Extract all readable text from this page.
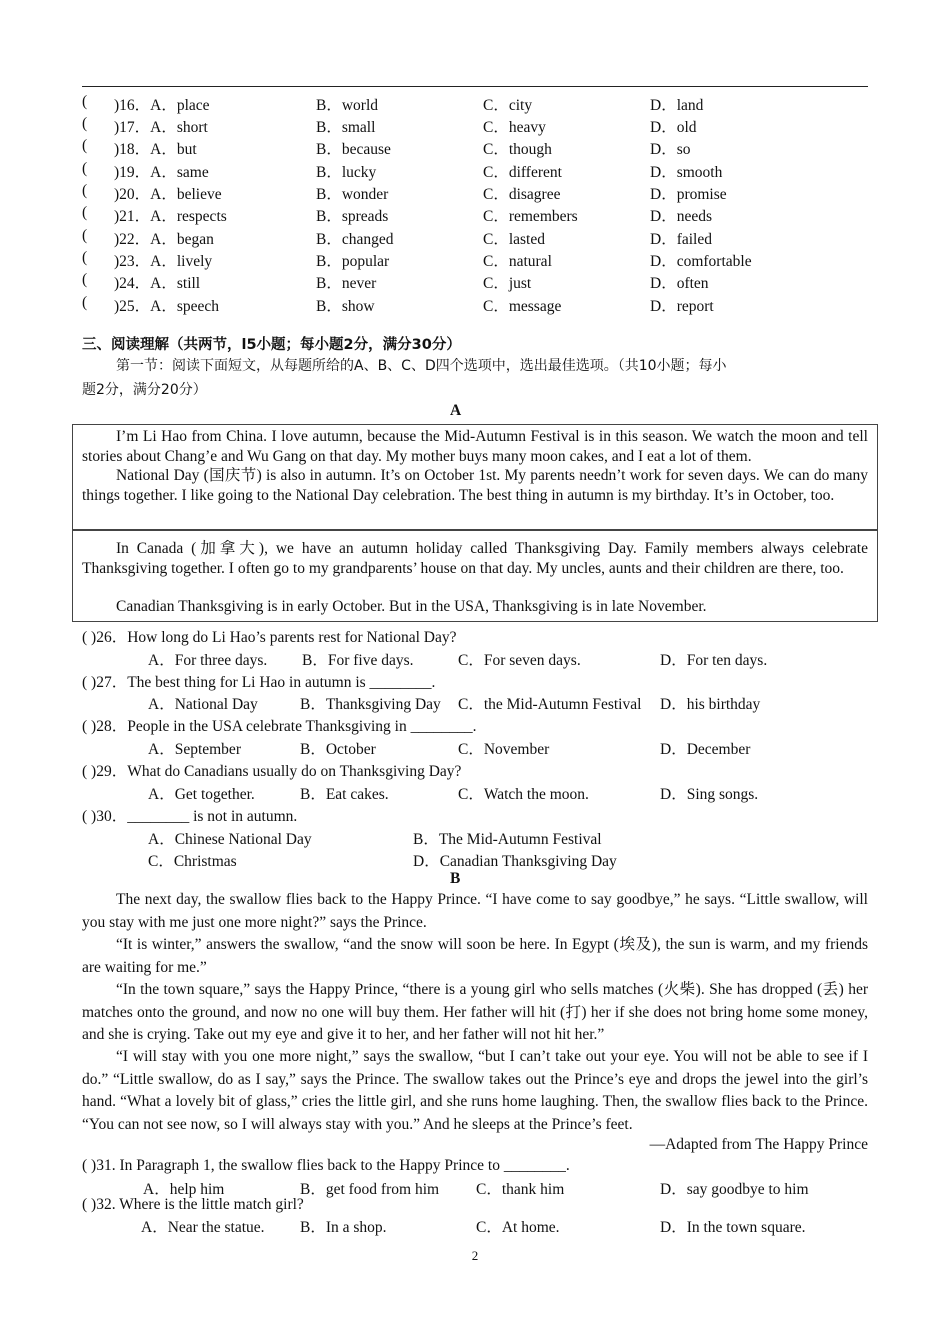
( )16．A．place	B．world	C．city	D．land
( )17．A．short	B．small	C．heavy	D．old
( )18．A．but	B．because	C．though	D．so
( )19．A．same	B．lucky	C．different	D．smooth
( )20．A．believe	B．wonder	C．disagree	D．promise
( )21．A．respects	B．spreads	C．remembers	D．needs
( )22．A．began	B．changed	C．lasted	D．failed
( )23．A．lively	B．popular	C．natural	D．comfortable
( )24．A．still	B．never	C．just	D．often
( )25．A．speech	B．show	C．message	D．report
三、阅读理解（共两节，l5小题；每小题2分，满分30分）
第一节：阅读下面短文，从每题所给的A、B、C、D四个选项中，选出最佳选项。（共10小题；每小
题2分，满分20分）
A
I’m Li Hao from China. I love autumn, because the Mid-Autumn Festival is in this season. We watch the moon and tell stories about Chang’e and Wu Gang on that day. My mother buys many moon cakes, and I eat a lot of them.
National Day (国庆节) is also in autumn. It’s on October 1st. My parents needn’t work for seven days. We can do many things together. I like going to the National Day celebration. The best thing in autumn is my birthday. It’s in October, too.
In Canada (加拿大), we have an autumn holiday called Thanksgiving Day. Family members always celebrate Thanksgiving together. I often go to my grandparents’ house on that day. My uncles, aunts and their children are there, too.
Canadian Thanksgiving is in early October. But in the USA, Thanksgiving is in late November.
( )26．How long do Li Hao’s parents rest for National Day?
A．For three days. B．For five days.	C．For seven days.	D．For ten days.
( )27．The best thing for Li Hao in autumn is ________.
A．National Day	B．Thanksgiving Day C．the Mid-Autumn Festival D．his birthday
( )28．People in the USA celebrate Thanksgiving in ________.
A．September	B．October	C．November	D．December
( )29．What do Canadians usually do on Thanksgiving Day?
A．Get together.	B．Eat cakes.	C．Watch the moon.	D．Sing songs.
( )30．________ is not in autumn.
A．Chinese National Day	B．The Mid-Autumn Festival
C．Christmas	D．Canadian Thanksgiving Day
B
The next day, the swallow flies back to the Happy Prince. “I have come to say goodbye,” he says. “Little swallow, will you stay with me just one more night?” says the Prince.
“It is winter,” answers the swallow, “and the snow will soon be here. In Egypt (埃及), the sun is warm, and my friends are waiting for me.”
“In the town square,” says the Happy Prince, “there is a young girl who sells matches (火柴). She has dropped (丢) her matches onto the ground, and now no one will buy them. Her father will hit (打) her if she does not bring home some money, and she is crying. Take out my eye and give it to her, and her father will not hit her.”
“I will stay with you one more night,” says the swallow, “but I can’t take out your eye. You will not be able to see if I do.” “Little swallow, do as I say,” says the Prince. The swallow takes out the Prince’s eye and drops the jewel into the girl’s hand. “What a lovely bit of glass,” cries the little girl, and she runs home laughing. Then, the swallow flies back to the Prince. “You can not see now, so I will always stay with you.” And he sleeps at the Prince’s feet.
—Adapted from The Happy Prince
( )31. In Paragraph 1, the swallow flies back to the Happy Prince to ________.
A．help him	B．get food from him C．thank him	D．say goodbye to him
( )32. Where is the little match girl?
A．Near the statue. B．In a shop.	C．At home.	D．In the town square.
2
